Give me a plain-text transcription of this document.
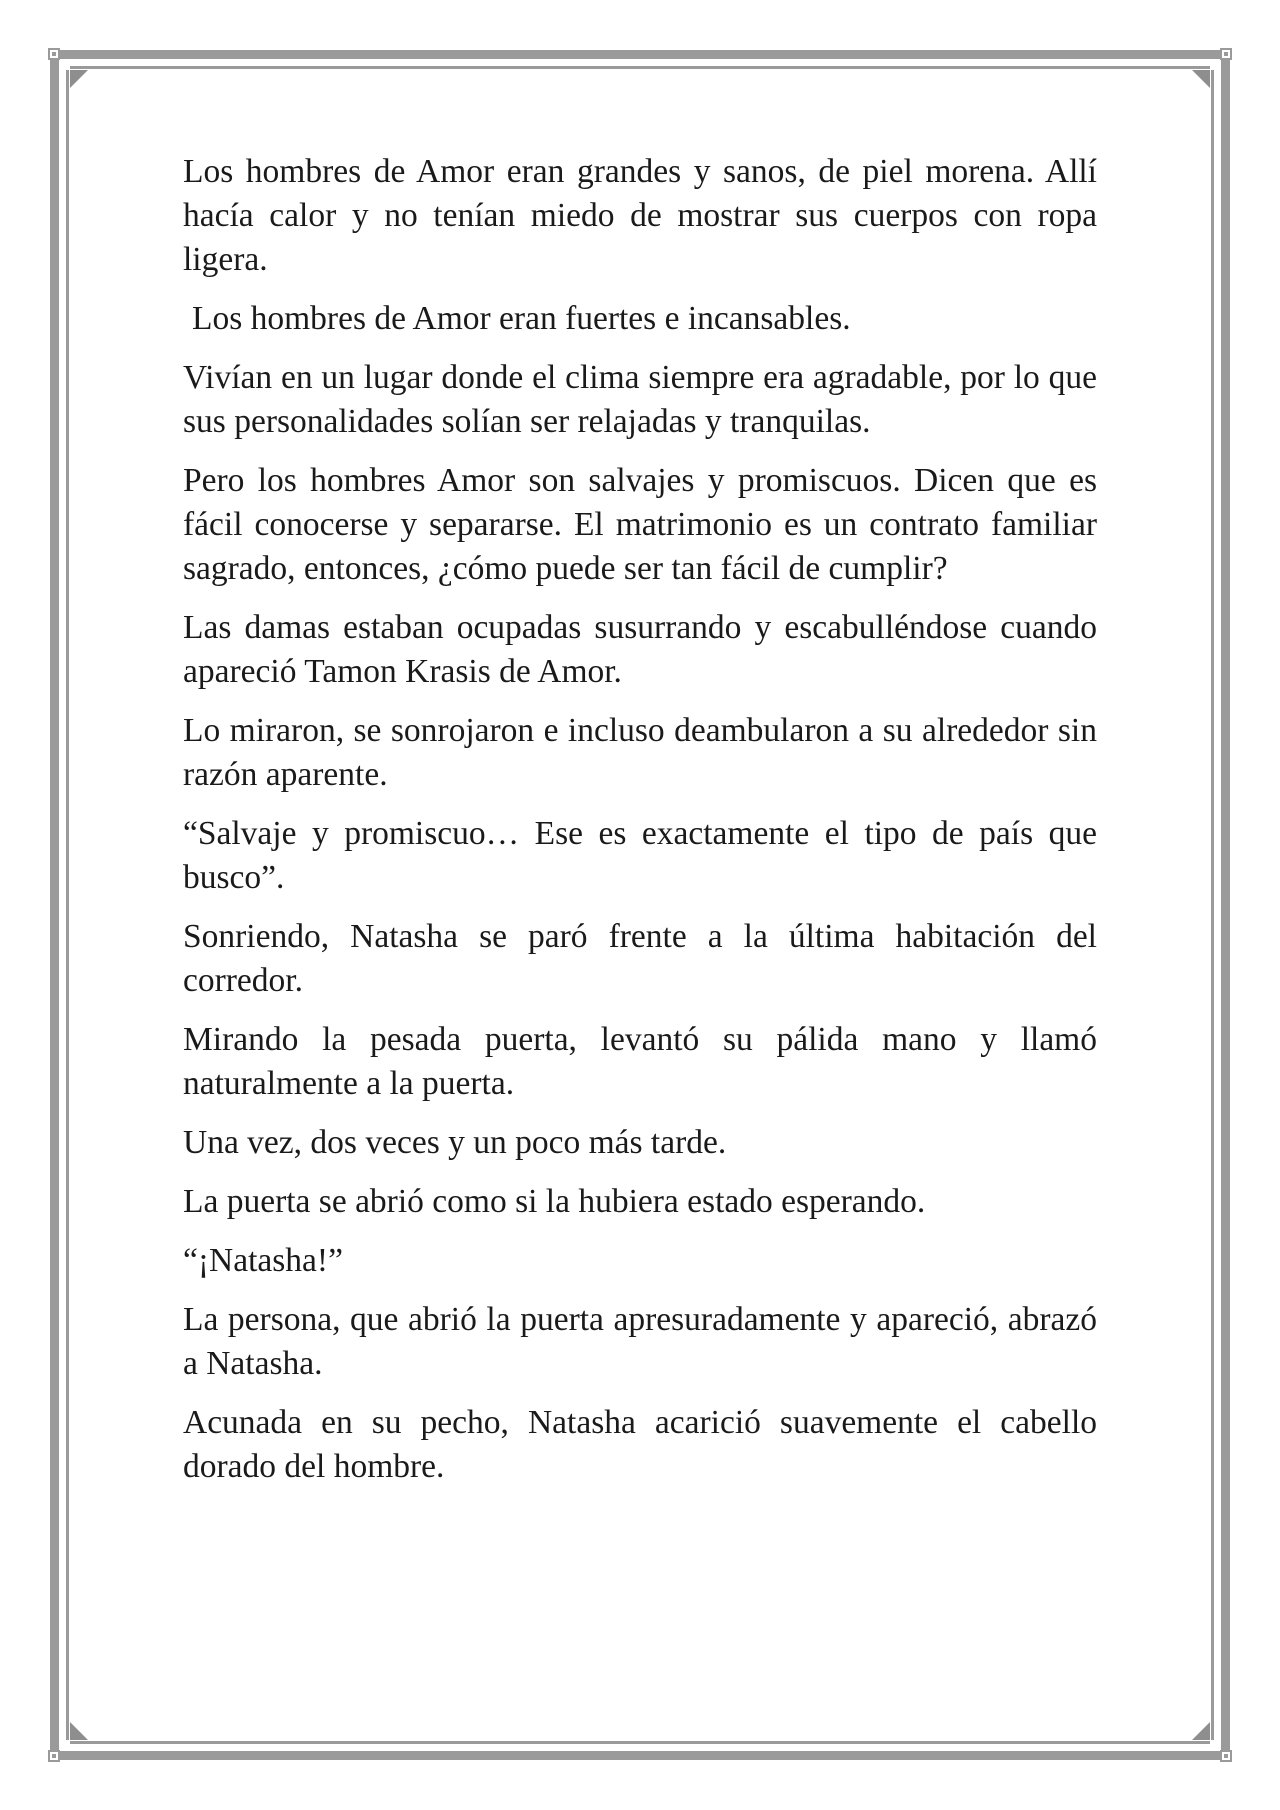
Los hombres de Amor eran grandes y sanos, de piel morena. Allí hacía calor y no tenían miedo de mostrar sus cuerpos con ropa ligera.

Los hombres de Amor eran fuertes e incansables.

Vivían en un lugar donde el clima siempre era agradable, por lo que sus personalidades solían ser relajadas y tranquilas.

Pero los hombres Amor son salvajes y promiscuos. Dicen que es fácil conocerse y separarse. El matrimonio es un contrato familiar sagrado, entonces, ¿cómo puede ser tan fácil de cumplir?

Las damas estaban ocupadas susurrando y escabulléndose cuando apareció Tamon Krasis de Amor.

Lo miraron, se sonrojaron e incluso deambularon a su alrededor sin razón aparente.

“Salvaje y promiscuo… Ese es exactamente el tipo de país que busco”.

Sonriendo, Natasha se paró frente a la última habitación del corredor.

Mirando la pesada puerta, levantó su pálida mano y llamó naturalmente a la puerta.

Una vez, dos veces y un poco más tarde.

La puerta se abrió como si la hubiera estado esperando.

“¡Natasha!”

La persona, que abrió la puerta apresuradamente y apareció, abrazó a Natasha.

Acunada en su pecho, Natasha acarició suavemente el cabello dorado del hombre.
